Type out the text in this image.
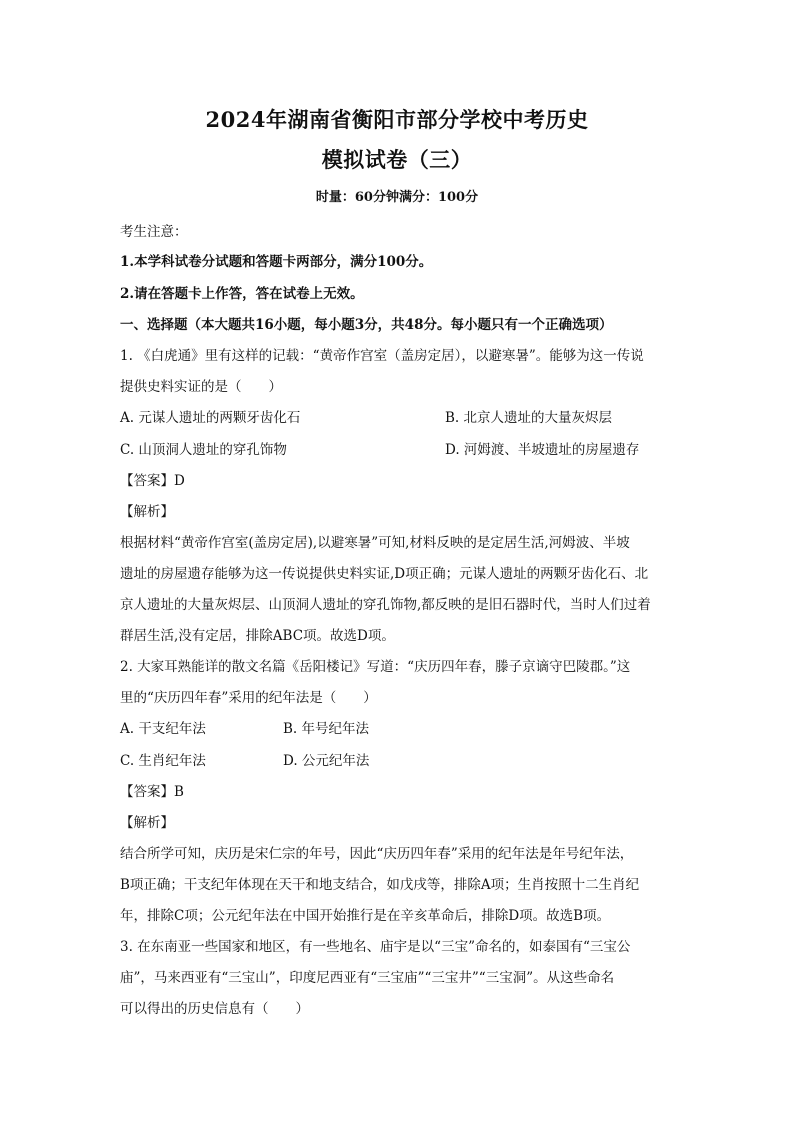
2024年湖南省衡阳市部分学校中考历史
模拟试卷（三）
时量：60分钟满分：100分
考生注意：
1.本学科试卷分试题和答题卡两部分，满分100分。
2.请在答题卡上作答，答在试卷上无效。
一、选择题（本大题共16小题，每小题3分，共48分。每小题只有一个正确选项）
1. 《白虎通》里有这样的记载：“黄帝作宫室（盖房定居），以避寒暑”。能够为这一传说
提供史料实证的是（　　）
A. 元谋人遗址的两颗牙齿化石	B. 北京人遗址的大量灰烬层
C. 山顶洞人遗址的穿孔饰物	D. 河姆渡、半坡遗址的房屋遗存
【答案】D
【解析】
根据材料“黄帝作宫室(盖房定居),以避寒暑”可知,材料反映的是定居生活,河姆波、半坡
遗址的房屋遗存能够为这一传说提供史料实证,D项正确；元谋人遗址的两颗牙齿化石、北
京人遗址的大量灰烬层、山顶洞人遗址的穿孔饰物,都反映的是旧石器时代，当时人们过着
群居生活,没有定居，排除ABC项。故选D项。
2. 大家耳熟能详的散文名篇《岳阳楼记》写道：“庆历四年春，滕子京谪守巴陵郡。”这
里的“庆历四年春”采用的纪年法是（　　）
A. 干支纪年法	B. 年号纪年法
C. 生肖纪年法	D. 公元纪年法
【答案】B
【解析】
结合所学可知，庆历是宋仁宗的年号，因此“庆历四年春”采用的纪年法是年号纪年法，
B项正确；干支纪年体现在天干和地支结合，如戊戌等，排除A项；生肖按照十二生肖纪
年，排除C项；公元纪年法在中国开始推行是在辛亥革命后，排除D项。故选B项。
3. 在东南亚一些国家和地区，有一些地名、庙宇是以“三宝”命名的，如泰国有“三宝公
庙”，马来西亚有“三宝山”，印度尼西亚有“三宝庙”“三宝井”“三宝洞”。从这些命名
可以得出的历史信息有（　　）
